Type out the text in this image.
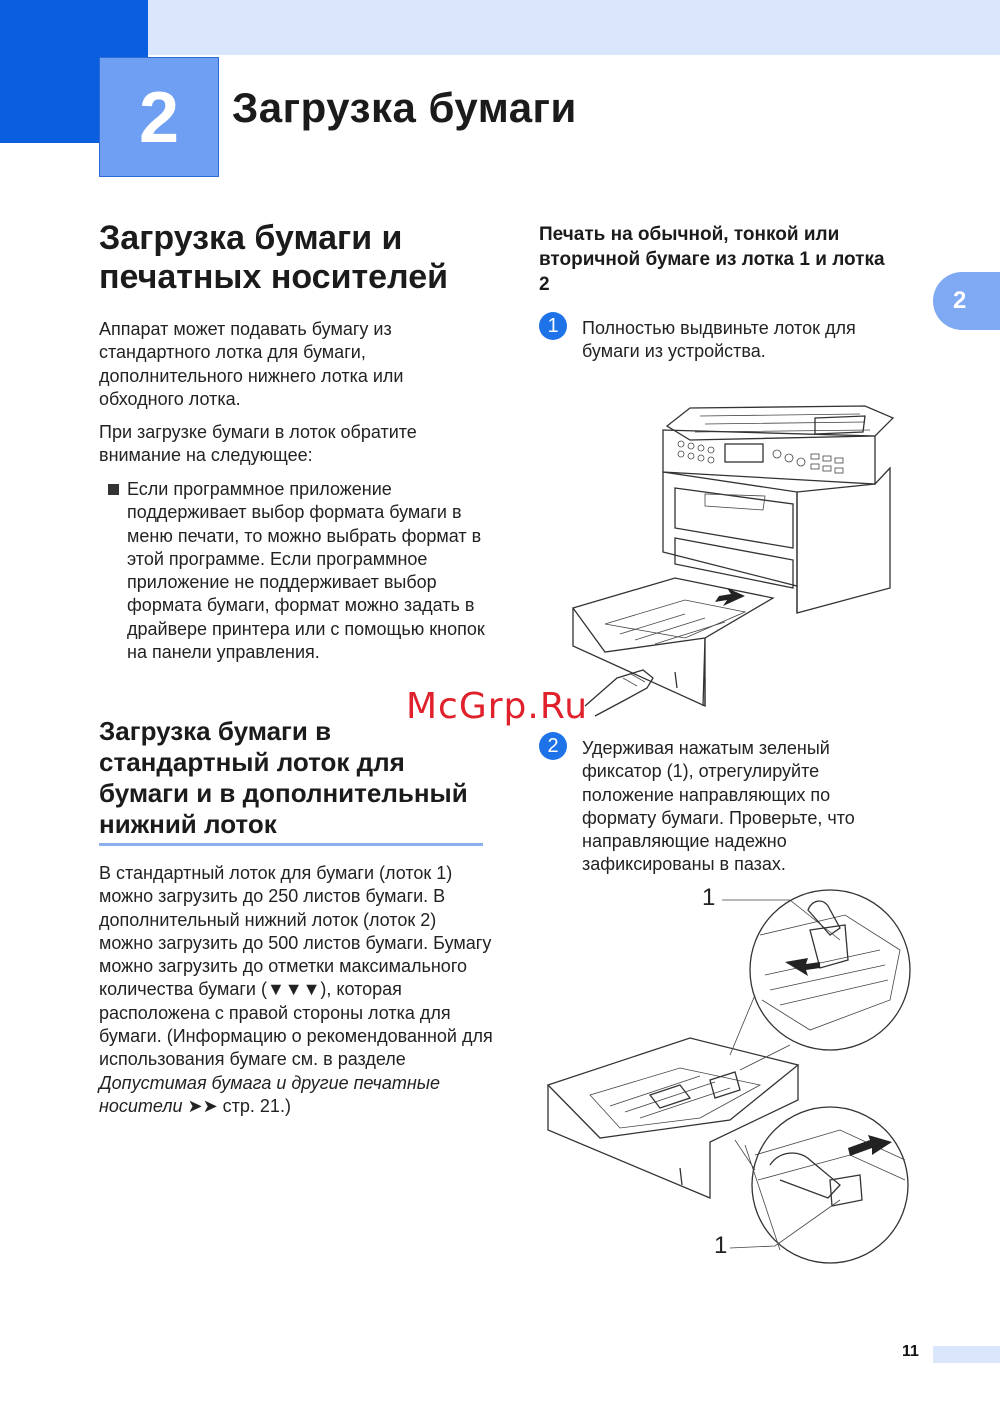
2	Загрузка бумаги
2
Загрузка бумаги и печатных носителей
Аппарат может подавать бумагу из стандартного лотка для бумаги, дополнительного нижнего лотка или обходного лотка.
При загрузке бумаги в лоток обратите внимание на следующее:
Если программное приложение поддерживает выбор формата бумаги в меню печати, то можно выбрать формат в этой программе. Если программное приложение не поддерживает выбор формата бумаги, формат можно задать в драйвере принтера или с помощью кнопок на панели управления.
Загрузка бумаги в стандартный лоток для бумаги и в дополнительный нижний лоток
В стандартный лоток для бумаги (лоток 1) можно загрузить до 250 листов бумаги. В дополнительный нижний лоток (лоток 2) можно загрузить до 500 листов бумаги. Бумагу можно загрузить до отметки максимального количества бумаги (▼▼▼), которая расположена с правой стороны лотка для бумаги. (Информацию о рекомендованной для использования бумаге см. в разделе Допустимая бумага и другие печатные носители ➤➤ стр. 21.)
Печать на обычной, тонкой или вторичной бумаге из лотка 1 и лотка 2
1	Полностью выдвиньте лоток для бумаги из устройства.
2	Удерживая нажатым зеленый фиксатор (1), отрегулируйте положение направляющих по формату бумаги. Проверьте, что направляющие надежно зафиксированы в пазах.
1
1
McGrp.Ru
11
